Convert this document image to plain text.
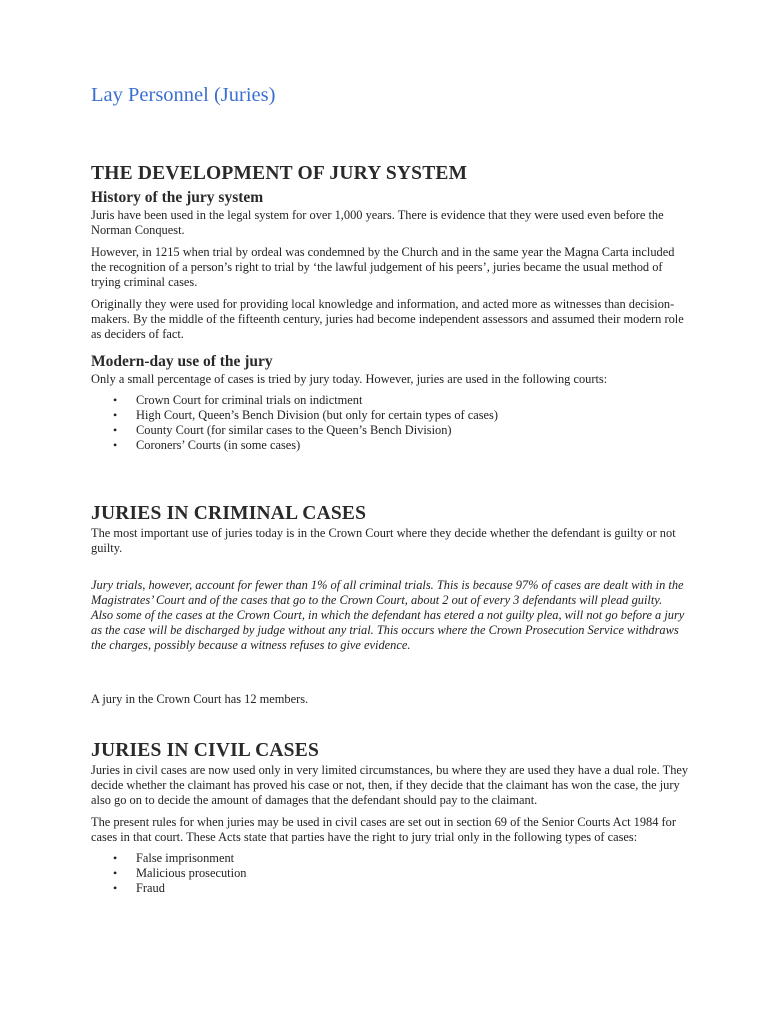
Lay Personnel (Juries)
THE DEVELOPMENT OF JURY SYSTEM
History of the jury system

Juris have been used in the legal system for over 1,000 years. There is evidence that they were used even before the Norman Conquest.

However, in 1215 when trial by ordeal was condemned by the Church and in the same year the Magna Carta included the recognition of a person’s right to trial by ‘the lawful judgement of his peers’, juries became the usual method of trying criminal cases.

Originally they were used for providing local knowledge and information, and acted more as witnesses than decision-makers. By the middle of the fifteenth century, juries had become independent assessors and assumed their modern role as deciders of fact.

Modern-day use of the jury

Only a small percentage of cases is tried by jury today. However, juries are used in the following courts:

• Crown Court for criminal trials on indictment
• High Court, Queen’s Bench Division (but only for certain types of cases)
• County Court (for similar cases to the Queen’s Bench Division)
• Coroners’ Courts (in some cases)
JURIES IN CRIMINAL CASES

The most important use of juries today is in the Crown Court where they decide whether the defendant is guilty or not guilty.

Jury trials, however, account for fewer than 1% of all criminal trials. This is because 97% of cases are dealt with in the Magistrates’ Court and of the cases that go to the Crown Court, about 2 out of every 3 defendants will plead guilty.

Also some of the cases at the Crown Court, in which the defendant has etered a not guilty plea, will not go before a jury as the case will be discharged by judge without any trial. This occurs where the Crown Prosecution Service withdraws the charges, possibly because a witness refuses to give evidence.

A jury in the Crown Court has 12 members.

JURIES IN CIVIL CASES

Juries in civil cases are now used only in very limited circumstances, bu where they are used they have a dual role. They decide whether the claimant has proved his case or not, then, if they decide that the claimant has won the case, the jury also go on to decide the amount of damages that the defendant should pay to the claimant.

The present rules for when juries may be used in civil cases are set out in section 69 of the Senior Courts Act 1984 for cases in that court. These Acts state that parties have the right to jury trial only in the following types of cases:

• False imprisonment
• Malicious prosecution
• Fraud
